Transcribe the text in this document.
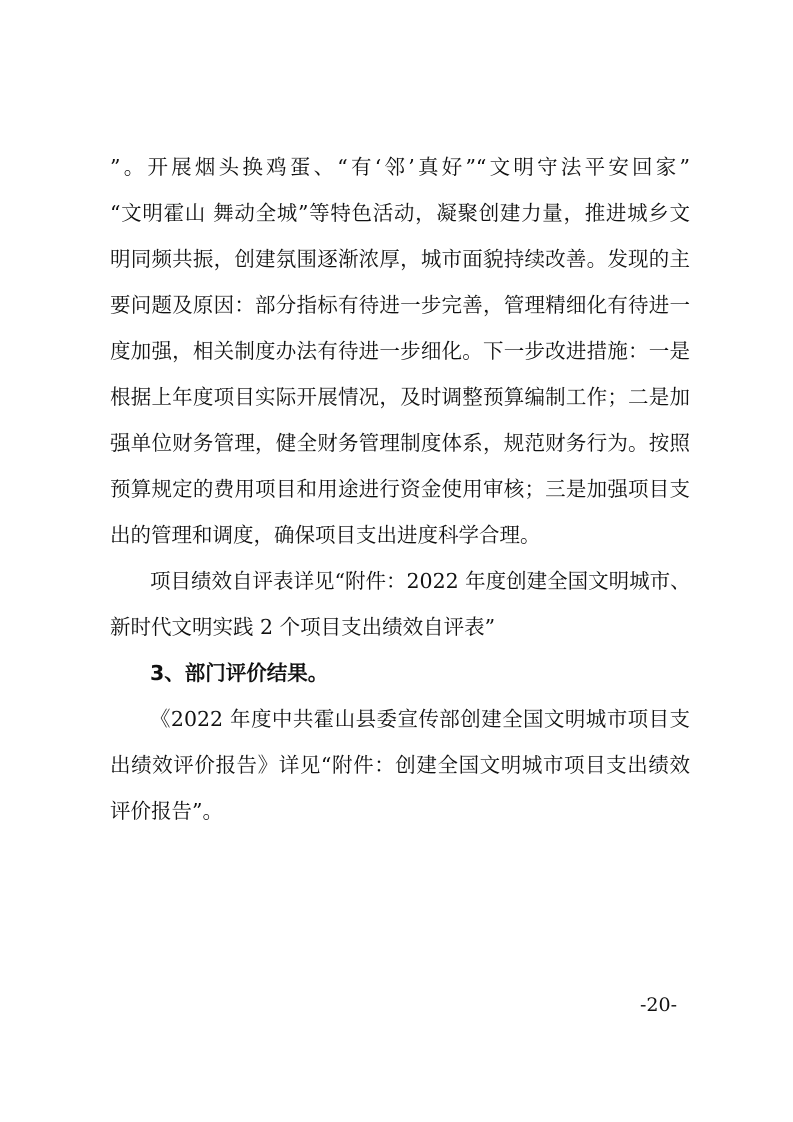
”。开展烟头换鸡蛋、“有‘邻’真好”“文明守法平安回家”
“文明霍山 舞动全城”等特色活动，凝聚创建力量，推进城乡文
明同频共振，创建氛围逐渐浓厚，城市面貌持续改善。发现的主
要问题及原因：部分指标有待进一步完善，管理精细化有待进一
度加强，相关制度办法有待进一步细化。下一步改进措施：一是
根据上年度项目实际开展情况，及时调整预算编制工作；二是加
强单位财务管理，健全财务管理制度体系，规范财务行为。按照
预算规定的费用项目和用途进行资金使用审核；三是加强项目支
出的管理和调度，确保项目支出进度科学合理。
项目绩效自评表详见“附件：2022 年度创建全国文明城市、
新时代文明实践 2 个项目支出绩效自评表”
3、部门评价结果。
《2022 年度中共霍山县委宣传部创建全国文明城市项目支
出绩效评价报告》详见“附件：创建全国文明城市项目支出绩效
评价报告”。
-20-
